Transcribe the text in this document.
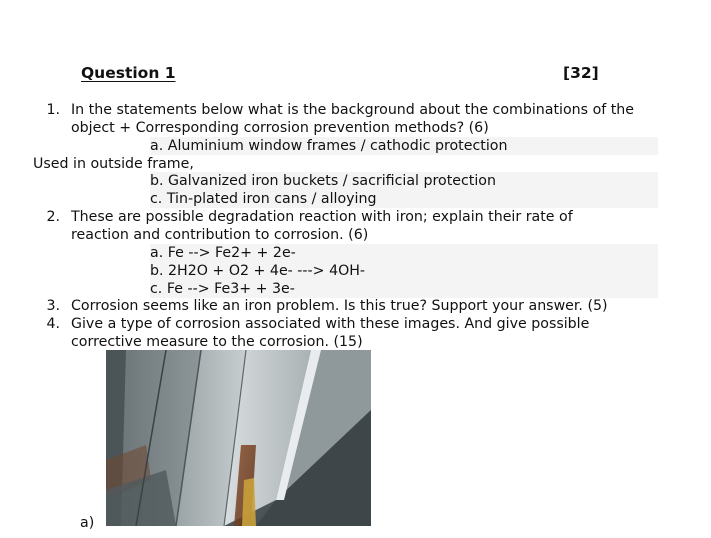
Question 1	[32]
1. In the statements below what is the background about the combinations of the
object + Corresponding corrosion prevention methods? (6)
a. Aluminium window frames / cathodic protection
Used in outside frame,
b. Galvanized iron buckets / sacrificial protection
c. Tin-plated iron cans / alloying
2. These are possible degradation reaction with iron; explain their rate of
reaction and contribution to corrosion. (6)
a. Fe --> Fe2+ + 2e-
b. 2H2O + O2 + 4e- ---> 4OH-
c. Fe --> Fe3+ + 3e-
3. Corrosion seems like an iron problem. Is this true? Support your answer. (5)
4. Give a type of corrosion associated with these images. And give possible
corrective measure to the corrosion. (15)
a)
